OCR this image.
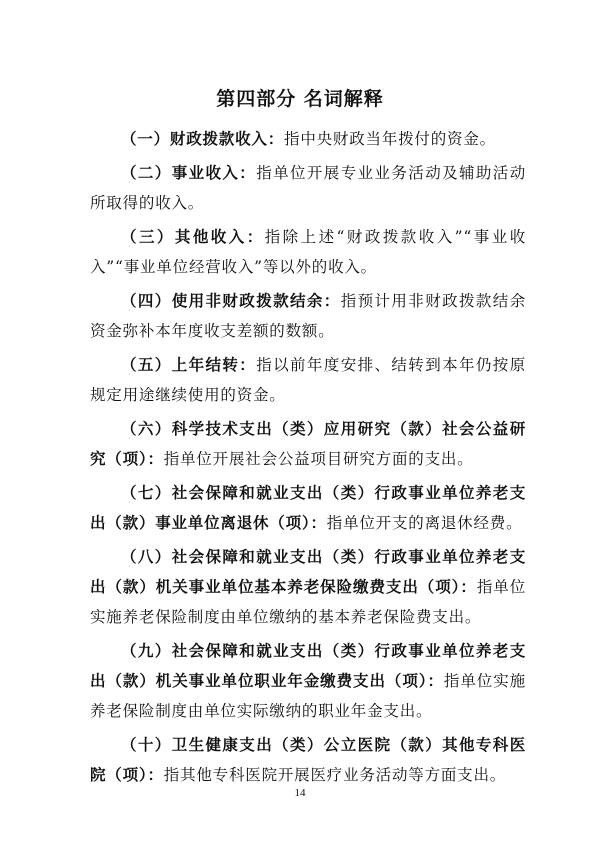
第四部分 名词解释

（一）财政拨款收入：指中央财政当年拨付的资金。

（二）事业收入：指单位开展专业业务活动及辅助活动所取得的收入。

（三）其他收入：指除上述“财政拨款收入”“事业收入”“事业单位经营收入”等以外的收入。

（四）使用非财政拨款结余：指预计用非财政拨款结余资金弥补本年度收支差额的数额。

（五）上年结转：指以前年度安排、结转到本年仍按原规定用途继续使用的资金。

（六）科学技术支出（类）应用研究（款）社会公益研究（项）：指单位开展社会公益项目研究方面的支出。

（七）社会保障和就业支出（类）行政事业单位养老支出（款）事业单位离退休（项）：指单位开支的离退休经费。

（八）社会保障和就业支出（类）行政事业单位养老支出（款）机关事业单位基本养老保险缴费支出（项）：指单位实施养老保险制度由单位缴纳的基本养老保险费支出。

（九）社会保障和就业支出（类）行政事业单位养老支出（款）机关事业单位职业年金缴费支出（项）：指单位实施养老保险制度由单位实际缴纳的职业年金支出。

（十）卫生健康支出（类）公立医院（款）其他专科医院（项）：指其他专科医院开展医疗业务活动等方面支出。

14
